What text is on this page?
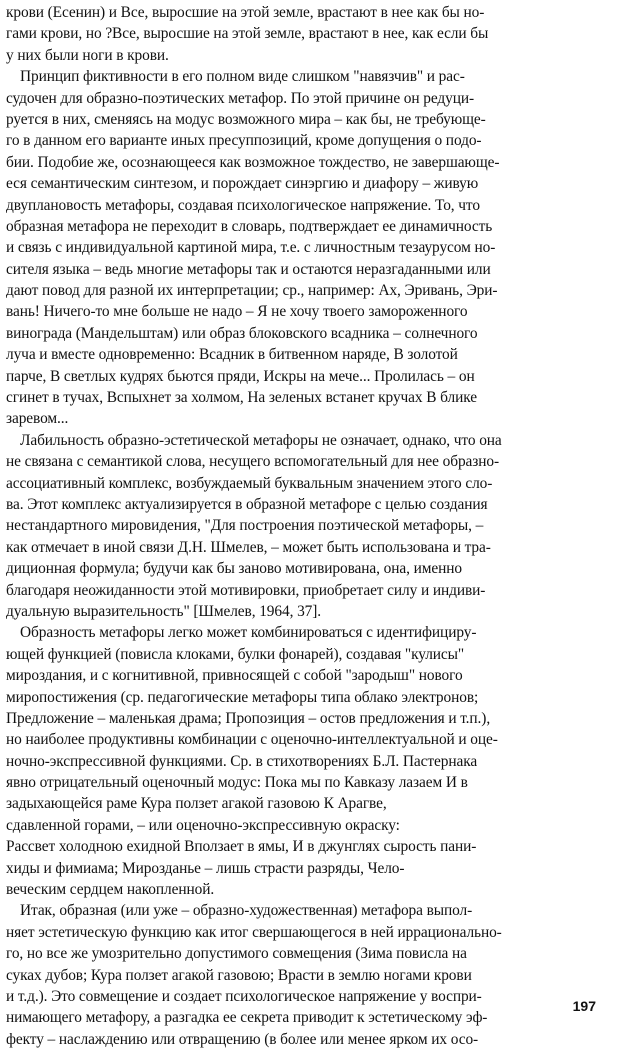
крови (Есенин) и Все, выросшие на этой земле, врастают в нее как бы но-
гами крови, но ?Все, выросшие на этой земле, врастают в нее, как если бы
у них были ноги в крови.
Принцип фиктивности в его полном виде слишком "навязчив" и рас-
судочен для образно-поэтических метафор. По этой причине он редуци-
руется в них, сменяясь на модус возможного мира – как бы, не требующе-
го в данном его варианте иных пресуппозиций, кроме допущения о подо-
бии. Подобие же, осознающееся как возможное тождество, не завершающе-
еся семантическим синтезом, и порождает синэргию и диафору – живую
двуплановость метафоры, создавая психологическое напряжение. То, что
образная метафора не переходит в словарь, подтверждает ее динамичность
и связь с индивидуальной картиной мира, т.е. с личностным тезаурусом но-
сителя языка – ведь многие метафоры так и остаются неразгаданными или
дают повод для разной их интерпретации; ср., например: Ах, Эривань, Эри-
вань! Ничего-то мне больше не надо – Я не хочу твоего замороженного
винограда (Мандельштам) или образ блоковского всадника – солнечного
луча и вместе одновременно: Всадник в битвенном наряде, В золотой
парче, В светлых кудрях бьются пряди, Искры на мече... Пролилась – он
сгинет в тучах, Вспыхнет за холмом, На зеленых встанет кручах В блике
заревом...
Лабильность образно-эстетической метафоры не означает, однако, что она
не связана с семантикой слова, несущего вспомогательный для нее образно-
ассоциативный комплекс, возбуждаемый буквальным значением этого сло-
ва. Этот комплекс актуализируется в образной метафоре с целью создания
нестандартного мировидения, "Для построения поэтической метафоры, –
как отмечает в иной связи Д.Н. Шмелев, – может быть использована и тра-
диционная формула; будучи как бы заново мотивирована, она, именно
благодаря неожиданности этой мотивировки, приобретает силу и индиви-
дуальную выразительность" [Шмелев, 1964, 37].
Образность метафоры легко может комбинироваться с идентифициру-
ющей функцией (повисла клоками, булки фонарей), создавая "кулисы"
мироздания, и с когнитивной, привносящей с собой "зародыш" нового
миропостижения (ср. педагогические метафоры типа облако электронов;
Предложение – маленькая драма; Пропозиция – остов предложения и т.п.),
но наиболее продуктивны комбинации с оценочно-интеллектуальной и оце-
ночно-экспрессивной функциями. Ср. в стихотворениях Б.Л. Пастернака
явно отрицательный оценочный модус: Пока мы по Кавказу лазаем И в
задыхающейся раме Кура ползет агакой газовою К Арагве,
сдавленной горами, – или оценочно-экспрессивную окраску:
Рассвет холодною ехидной Вползает в ямы, И в джунглях сырость пани-
хиды и фимиама; Мирозданье – лишь страсти разряды, Чело-
веческим сердцем накопленной.
Итак, образная (или уже – образно-художественная) метафора выпол-
няет эстетическую функцию как итог свершающегося в ней иррационально-
го, но все же умозрительно допустимого совмещения (Зима повисла на
суках дубов; Кура ползет агакой газовою; Врасти в землю ногами крови
и т.д.). Это совмещение и создает психологическое напряжение у воспри-
нимающего метафору, а разгадка ее секрета приводит к эстетическому эф-
фекту – наслаждению или отвращению (в более или менее ярком их осо-
197
